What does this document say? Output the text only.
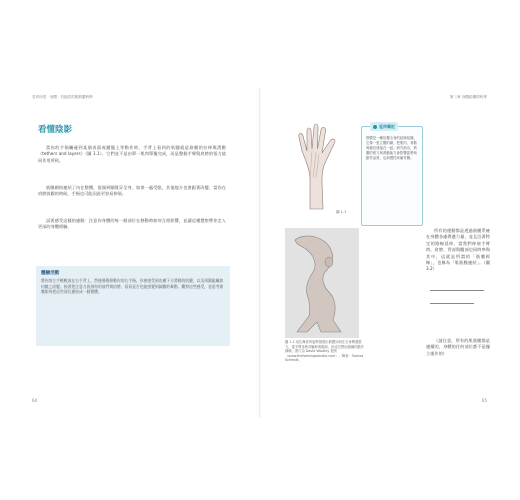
若有所思 · 身體 · 功能性的肌筋膜科學	第三章 身體結構的科學
看懂陰影
當你的手指觸碰到某個表面或鍵盤上等動作時，手背上看到的肌腱就是筋膜的拉伸與滑動（tethers and layers）（圖 1.1）。它們並不是由單一肌肉單獨完成，而是整個手臂與肩膀的張力協同作用所致。
筋膜網絡連結了內在整體，從頭到腳貫穿全身，如果一處受限，其他地方也會跟著改變。當你在肩膀放鬆的時候，手指也可能因此更容易伸展。
試著感受這樣的連動：注意你身體的每一個部位在移動時如何互相影響，並讓這種覺察帶你走入更深的身體經驗。
體驗活動
將你的左手輕輕放在右手背上，然後慢慢移動你的右手指。你會感受到皮膚下方滑動的肌腱，以及周圍組織如何隨之改變。接著把注意力放到你的前臂與肩膀，看看是否也能感覺到細微的牽動。觀察這些感受，並思考筋膜如何把這些部位連結成一個整體。
64	65
圖 1.1
圖 1.2 這位舞者的姿勢展現出筋膜如何在全身傳遞張力，從手臂延伸到軀幹與腿部，形成完整而連續的動作線條。照片由 David Woolley 提供（www.thefalmingostudio.com）／舞者：Samira Schmidt。
延伸筆記
筋膜是一種包覆全身的結締組織，它像一張立體的網，把肌肉、骨骼與器官連接在一起。研究指出，筋膜的張力與滑動能力會影響姿勢與動作品質，也與慢性疼痛有關。
所有的運動都是透過筋膜系統在身體各處傳遞力量，並且沿著特定的路線延伸。當我們伸展手臂時，肩膀、背部與髖部也同時參與其中，這就是所謂的「筋膜經線」，也稱為「肌筋膜連結」。（圖 3.2）
（請注意，所有的肌筋膜都是連續的，身體的任何部位都不是獨立運作的）
